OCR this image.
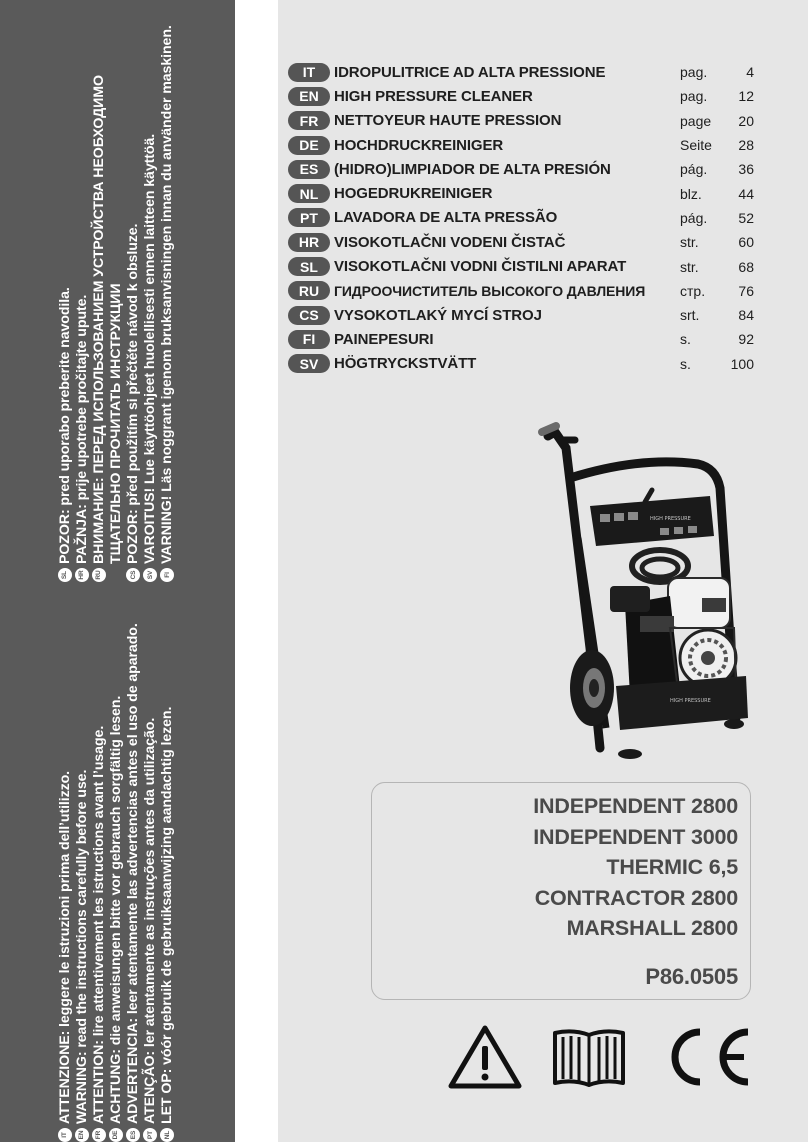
IT
ATTENZIONE: leggere le istruzioni prima dell’utilizzo.
EN
WARNING: read the instructions carefully before use.
FR
ATTENTION: lire attentivement les istructions avant l’usage.
DE
ACHTUNG: die anweisungen bitte vor gebrauch sorgfältig lesen.
ES
ADVERTENCIA: leer atentamente las advertencias antes el uso de aparado.
PT
ATENÇÃO: ler atentamente as instruções antes da utilização.
NL
LET OP: vóór gebruik de gebruiksaanwijzing aandachtig lezen.
SL
POZOR: pred uporabo preberite navodila.
HR
PAŽNJA: prije upotrebe pročitajte upute.
RU
ВНИМАНИЕ: ПЕРЕД ИСПОЛЬЗОВАНИЕМ УСТРОЙСТВА НЕОБХОДИМО ТЩАТЕЛЬНО ПРОЧИТАТЬ ИНСТРУКЦИИ
CS
POZOR: před použitím si přečtěte návod k obsluze.
SV
VAROITUS! Lue käyttöohjeet huolellisesti ennen laitteen käyttöä.
FI
VARNING! Läs noggrant igenom bruksanvisningen innan du använder maskinen.	IT	IDROPULITRICE AD ALTA PRESSIONE	pag.	4
EN	HIGH PRESSURE CLEANER	pag. 12
FR	NETTOYEUR HAUTE PRESSION	page 20
DE	HOCHDRUCKREINIGER	Seite 28
ES	(HIDRO)LIMPIADOR DE ALTA PRESIÓN	pág. 36
NL	HOGEDRUKREINIGER	blz.	44
PT	LAVADORA DE ALTA PRESSÃO	pág. 52
HR VISOKOTLAČNI VODENI ČISTAČ	str.	60
SL	VISOKOTLAČNI VODNI ČISTILNI APARAT	str.	68
RU	ГИДРООЧИСТИТЕЛЬ ВЫСОКОГО ДАВЛЕНИЯ стр. 76
CS	VYSOKOTLAKÝ MYCÍ STROJ	srt.	84
FI	PAINEPESURI	s.	92
SV	HÖGTRYCKSTVÄTT	s.	100
HIGH PRESSURE
HIGH PRESSURE
INDEPENDENT 2800
INDEPENDENT 3000
THERMIC 6,5
CONTRACTOR 2800
MARSHALL 2800
P86.0505
